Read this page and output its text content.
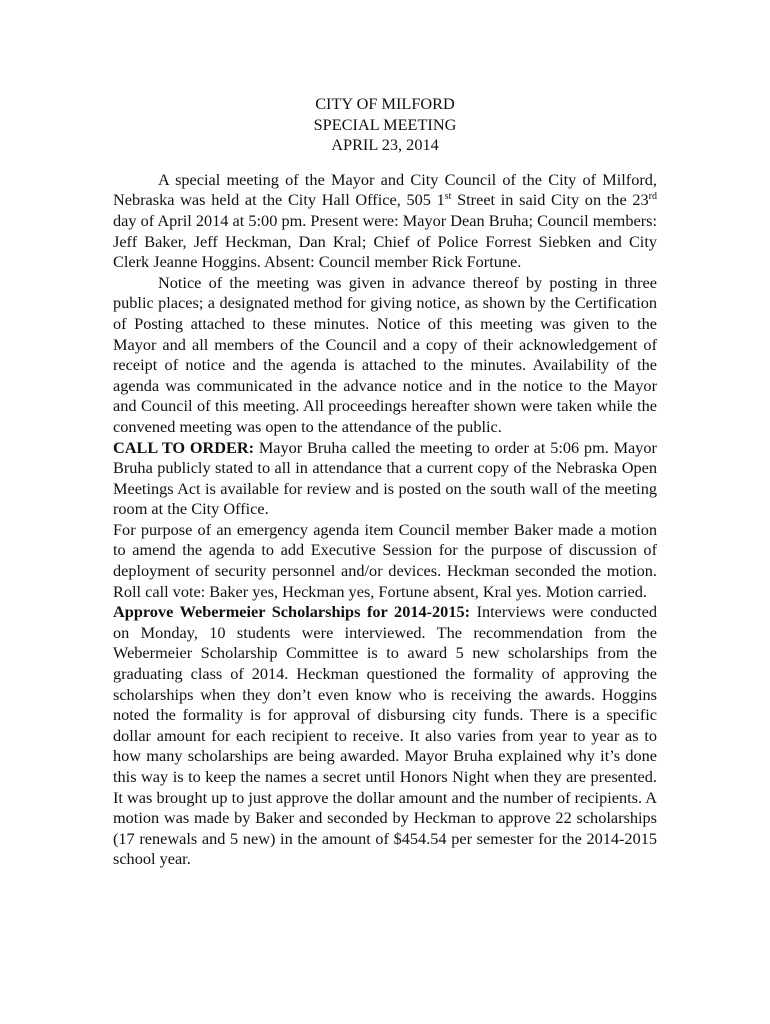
CITY OF MILFORD
SPECIAL MEETING
APRIL 23, 2014

A special meeting of the Mayor and City Council of the City of Milford, Nebraska was held at the City Hall Office, 505 1st Street in said City on the 23rd day of April 2014 at 5:00 pm. Present were: Mayor Dean Bruha; Council members: Jeff Baker, Jeff Heckman, Dan Kral; Chief of Police Forrest Siebken and City Clerk Jeanne Hoggins. Absent: Council member Rick Fortune.

Notice of the meeting was given in advance thereof by posting in three public places; a designated method for giving notice, as shown by the Certification of Posting attached to these minutes. Notice of this meeting was given to the Mayor and all members of the Council and a copy of their acknowledgement of receipt of notice and the agenda is attached to the minutes. Availability of the agenda was communicated in the advance notice and in the notice to the Mayor and Council of this meeting. All proceedings hereafter shown were taken while the convened meeting was open to the attendance of the public.

CALL TO ORDER: Mayor Bruha called the meeting to order at 5:06 pm. Mayor Bruha publicly stated to all in attendance that a current copy of the Nebraska Open Meetings Act is available for review and is posted on the south wall of the meeting room at the City Office.

For purpose of an emergency agenda item Council member Baker made a motion to amend the agenda to add Executive Session for the purpose of discussion of deployment of security personnel and/or devices. Heckman seconded the motion. Roll call vote: Baker yes, Heckman yes, Fortune absent, Kral yes. Motion carried.

Approve Webermeier Scholarships for 2014-2015: Interviews were conducted on Monday, 10 students were interviewed. The recommendation from the Webermeier Scholarship Committee is to award 5 new scholarships from the graduating class of 2014. Heckman questioned the formality of approving the scholarships when they don’t even know who is receiving the awards. Hoggins noted the formality is for approval of disbursing city funds. There is a specific dollar amount for each recipient to receive. It also varies from year to year as to how many scholarships are being awarded. Mayor Bruha explained why it’s done this way is to keep the names a secret until Honors Night when they are presented. It was brought up to just approve the dollar amount and the number of recipients. A motion was made by Baker and seconded by Heckman to approve 22 scholarships (17 renewals and 5 new) in the amount of $454.54 per semester for the 2014-2015 school year.
